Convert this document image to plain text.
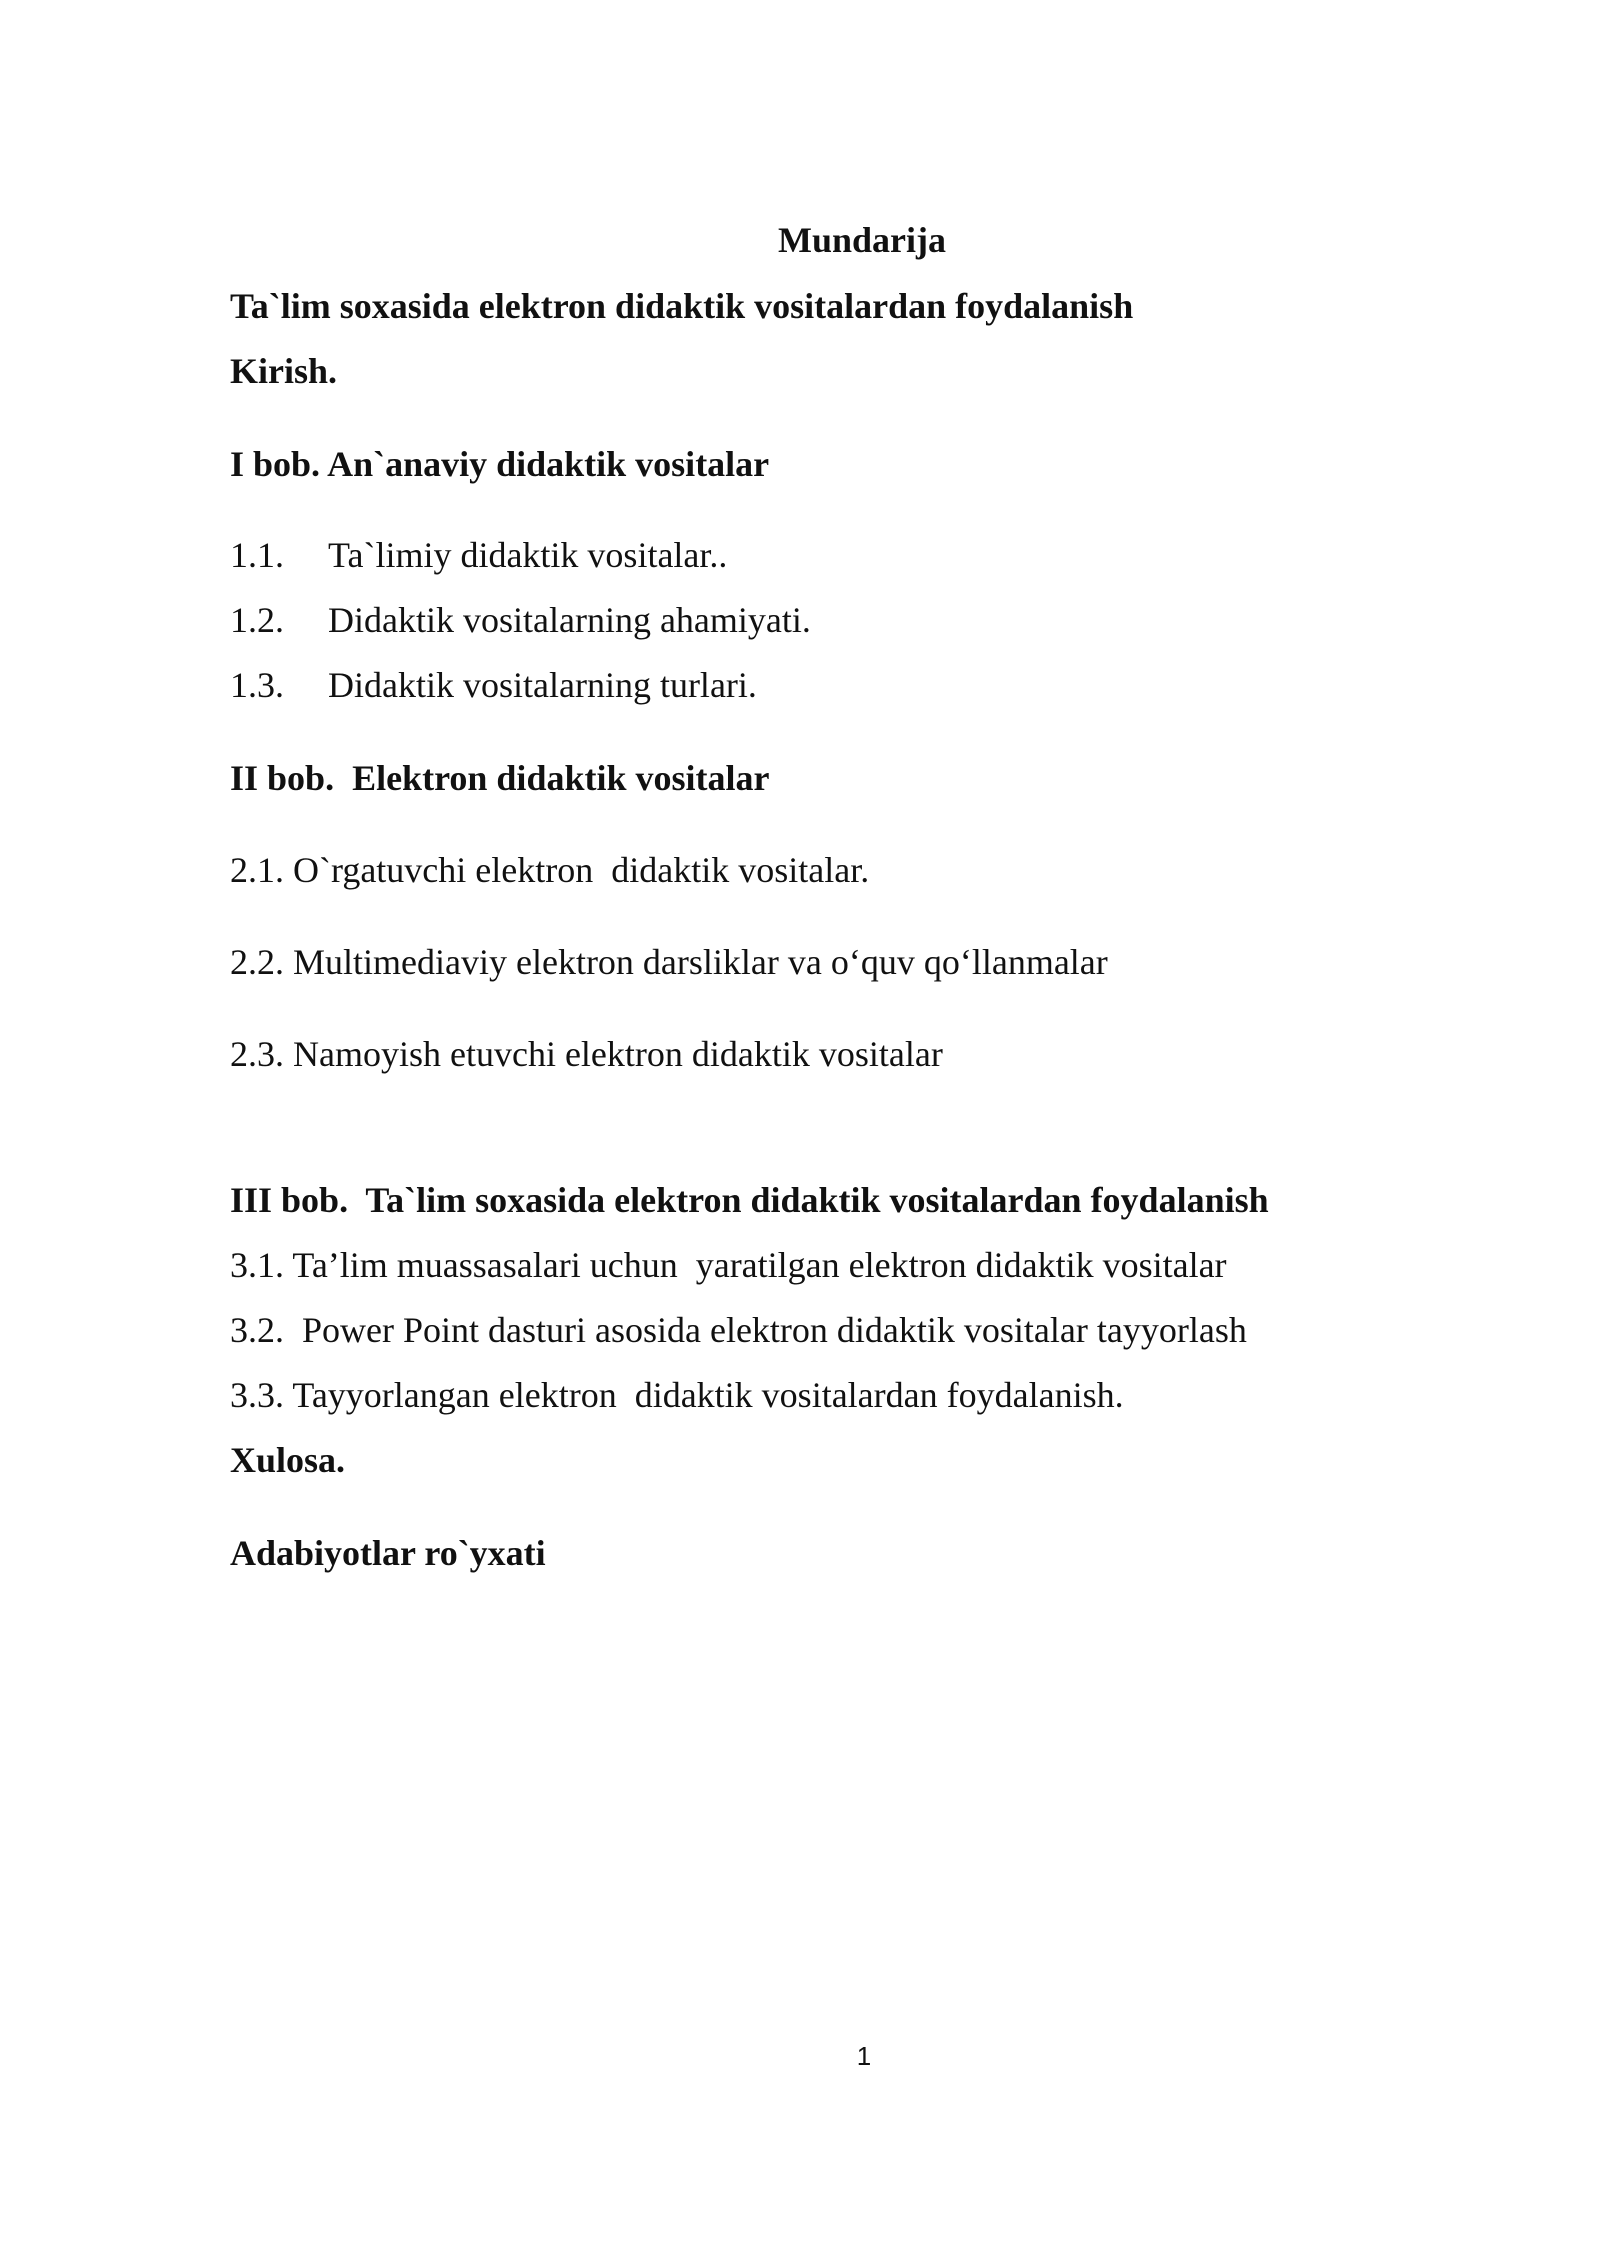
Mundarija
Ta`lim soxasida elektron didaktik vositalardan foydalanish
Kirish.
I bob. An`anaviy didaktik vositalar
1.1. Ta`limiy didaktik vositalar..
1.2. Didaktik vositalarning ahamiyati.
1.3. Didaktik vositalarning turlari.
II bob.  Elektron didaktik vositalar
2.1. O`rgatuvchi elektron  didaktik vositalar.
2.2. Multimediaviy elektron darsliklar va o‘quv qo‘llanmalar
2.3. Namoyish etuvchi elektron didaktik vositalar
III bob.  Ta`lim soxasida elektron didaktik vositalardan foydalanish
3.1. Ta’lim muassasalari uchun  yaratilgan elektron didaktik vositalar
3.2.  Power Point dasturi asosida elektron didaktik vositalar tayyorlash
3.3. Tayyorlangan elektron  didaktik vositalardan foydalanish.
Xulosa.
Adabiyotlar ro`yxati
1
